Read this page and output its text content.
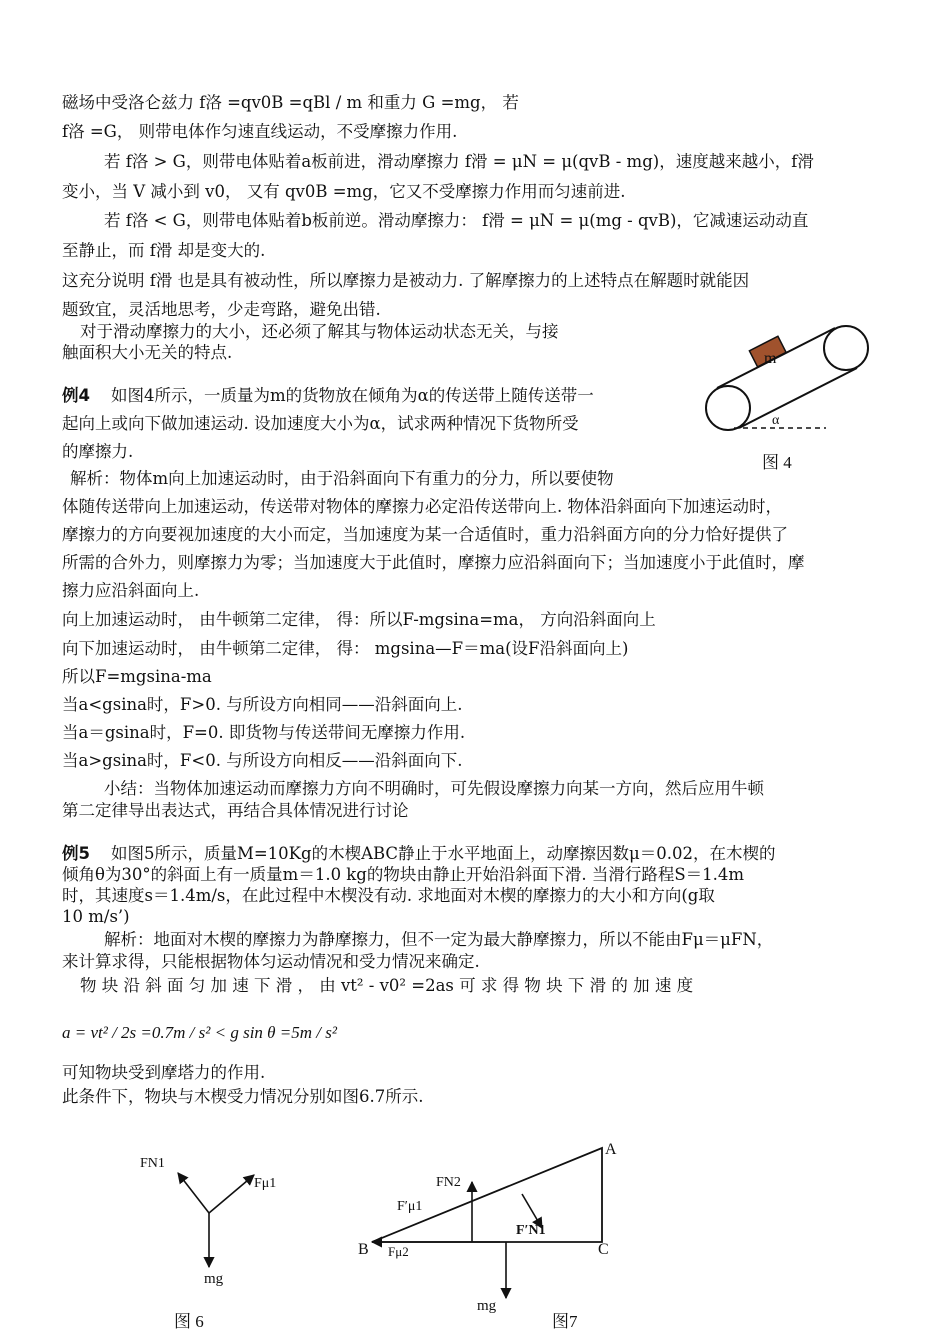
磁场中受洛仑兹力 f洛 =qv0B =qBl / m 和重力 G =mg， 若
f洛 =G， 则带电体作匀速直线运动，不受摩擦力作用.
若 f洛 > G，则带电体贴着a板前进，滑动摩擦力 f滑 = μN = μ(qvB - mg)，速度越来越小，f滑
变小，当 V 减小到 v0， 又有 qv0B =mg，它又不受摩擦力作用而匀速前进.
若 f洛 < G，则带电体贴着b板前逆。滑动摩擦力： f滑 = μN = μ(mg - qvB)，它减速运动动直
至静止，而 f滑 却是变大的.
这充分说明 f滑 也是具有被动性，所以摩擦力是被动力. 了解摩擦力的上述特点在解题时就能因
题致宜，灵活地思考，少走弯路，避免出错.
对于滑动摩擦力的大小，还必须了解其与物体运动状态无关，与接
触面积大小无关的特点.
例4 如图4所示，一质量为m的货物放在倾角为α的传送带上随传送带一
起向上或向下做加速运动. 设加速度大小为α，试求两种情况下货物所受
的摩擦力.
解析：物体m向上加速运动时，由于沿斜面向下有重力的分力，所以要使物
体随传送带向上加速运动，传送带对物体的摩擦力必定沿传送带向上. 物体沿斜面向下加速运动时，
摩擦力的方向要视加速度的大小而定，当加速度为某一合适值时，重力沿斜面方向的分力恰好提供了
所需的合外力，则摩擦力为零；当加速度大于此值时，摩擦力应沿斜面向下；当加速度小于此值时，摩
擦力应沿斜面向上.
向上加速运动时， 由牛顿第二定律， 得：所以F-mgsina=ma， 方向沿斜面向上
向下加速运动时， 由牛顿第二定律， 得： mgsina—F＝ma(设F沿斜面向上)
所以F=mgsina-ma
当a<gsina时，F>0. 与所设方向相同——沿斜面向上.
当a＝gsina时，F=0. 即货物与传送带间无摩擦力作用.
当a>gsina时，F<0. 与所设方向相反——沿斜面向下.
小结：当物体加速运动而摩擦力方向不明确时，可先假设摩擦力向某一方向，然后应用牛顿
第二定律导出表达式，再结合具体情况进行讨论
例5 如图5所示，质量M=10Kg的木楔ABC静止于水平地面上，动摩擦因数μ＝0.02，在木楔的
倾角θ为30°的斜面上有一质量m＝1.0 kg的物块由静止开始沿斜面下滑. 当滑行路程S＝1.4m
时，其速度s＝1.4m/s，在此过程中木楔没有动. 求地面对木楔的摩擦力的大小和方向(g取
10 m/s’)
解析：地面对木楔的摩擦力为静摩擦力，但不一定为最大静摩擦力，所以不能由Fμ＝μFN，
来计算求得，只能根据物体匀运动情况和受力情况来确定.
物 块 沿 斜 面 匀 加 速 下 滑 ， 由 vt² - v0² =2as 可 求 得 物 块 下 滑 的 加 速 度
a = vt² / 2s =0.7m / s² < g sin θ =5m / s²
可知物块受到摩塔力的作用.
此条件下，物块与木楔受力情况分别如图6.7所示.
m
α
图 4
FN1
Fμ1
mg
图 6
A
B	C
FN2
F′μ1
F′N1
Fμ2
mg
图7
